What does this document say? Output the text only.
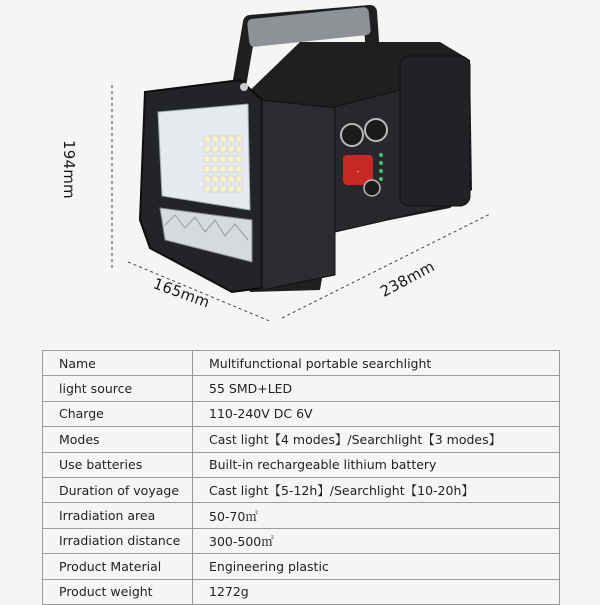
-
194mm
165mm	238mm
Name	Multifunctional portable searchlight
light source	55 SMD+LED
Charge	110-240V DC 6V
Modes	Cast light【4 modes】/Searchlight【3 modes】
Use batteries	Built-in rechargeable lithium battery
Duration of voyage	Cast light【5-12h】/Searchlight【10-20h】
Irradiation area	50-70㎡
Irradiation distance	300-500㎡
Product Material	Engineering plastic
Product weight	1272g
